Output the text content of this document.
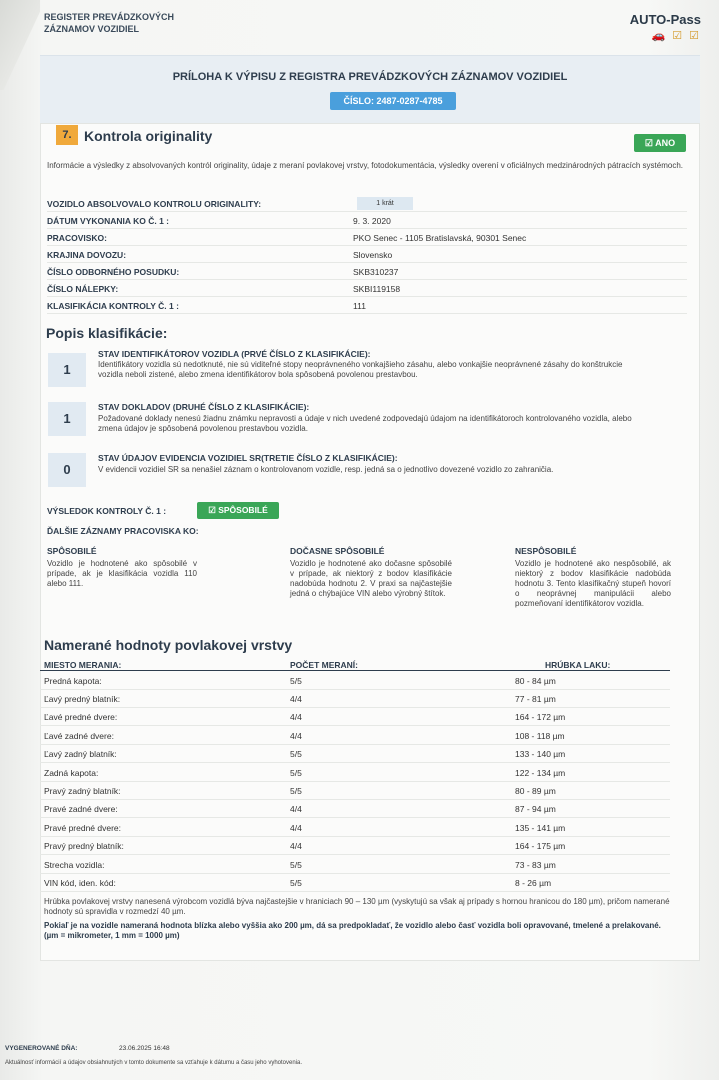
REGISTER PREVÁDZKOVÝCH
ZÁZNAMOV VOZIDIEL
AUTO-Pass
🚗 ☑ ☑
PRÍLOHA K VÝPISU Z REGISTRA PREVÁDZKOVÝCH ZÁZNAMOV VOZIDIEL
ČÍSLO: 2487-0287-4785
7. Kontrola originality	☑ ANO
Informácie a výsledky z absolvovaných kontról originality, údaje z meraní povlakovej vrstvy, fotodokumentácia, výsledky overení v oficiálnych medzinárodných pátracích systémoch.
VOZIDLO ABSOLVOVALO KONTROLU ORIGINALITY:	1 krát
DÁTUM VYKONANIA KO Č. 1 :	9. 3. 2020
PRACOVISKO:	PKO Senec - 1105 Bratislavská, 90301 Senec
KRAJINA DOVOZU:	Slovensko
ČÍSLO ODBORNÉHO POSUDKU:	SKB310237
ČÍSLO NÁLEPKY:	SKBI119158
KLASIFIKÁCIA KONTROLY Č. 1 :	111
Popis klasifikácie:
1
STAV IDENTIFIKÁTOROV VOZIDLA (PRVÉ ČÍSLO Z KLASIFIKÁCIE):
Identifikátory vozidla sú nedotknuté, nie sú viditeľné stopy neoprávneného vonkajšieho zásahu, alebo vonkajšie neoprávnené zásahy do konštrukcie vozidla neboli zistené, alebo zmena identifikátorov bola spôsobená povolenou prestavbou.
1
STAV DOKLADOV (DRUHÉ ČÍSLO Z KLASIFIKÁCIE):
Požadované doklady nenesú žiadnu známku nepravosti a údaje v nich uvedené zodpovedajú údajom na identifikátoroch kontrolovaného vozidla, alebo zmena údajov je spôsobená povolenou prestavbou vozidla.
0
STAV ÚDAJOV EVIDENCIA VOZIDIEL SR(TRETIE ČÍSLO Z KLASIFIKÁCIE):
V evidencii vozidiel SR sa nenašiel záznam o kontrolovanom vozidle, resp. jedná sa o jednotlivo dovezené vozidlo zo zahraničia.
VÝSLEDOK KONTROLY Č. 1 :	☑ SPÔSOBILÉ
ĎALŠIE ZÁZNAMY PRACOVISKA KO:
SPÔSOBILÉ
Vozidlo je hodnotené ako spôsobilé v prípade, ak je klasifikácia vozidla 110 alebo 111.
DOČASNE SPÔSOBILÉ
Vozidlo je hodnotené ako dočasne spôsobilé v prípade, ak niektorý z bodov klasifikácie nadobúda hodnotu 2. V praxi sa najčastejšie jedná o chýbajúce VIN alebo výrobný štítok.
NESPÔSOBILÉ
Vozidlo je hodnotené ako nespôsobilé, ak niektorý z bodov klasifikácie nadobúda hodnotu 3. Tento klasifikačný stupeň hovorí o neoprávnej manipulácii alebo pozmeňovaní identifikátorov vozidla.
Namerané hodnoty povlakovej vrstvy
MIESTO MERANIA:	POČET MERANÍ:	HRÚBKA LAKU:
Predná kapota:	5/5	80 - 84 µm
Ľavý predný blatník:	4/4	77 - 81 µm
Ľavé predné dvere:	4/4	164 - 172 µm
Ľavé zadné dvere:	4/4	108 - 118 µm
Ľavý zadný blatník:	5/5	133 - 140 µm
Zadná kapota:	5/5	122 - 134 µm
Pravý zadný blatník:	5/5	80 - 89 µm
Pravé zadné dvere:	4/4	87 - 94 µm
Pravé predné dvere:	4/4	135 - 141 µm
Pravý predný blatník:	4/4	164 - 175 µm
Strecha vozidla:	5/5	73 - 83 µm
VIN kód, iden. kód:	5/5	8 - 26 µm
Hrúbka povlakovej vrstvy nanesená výrobcom vozidlá býva najčastejšie v hraniciach 90 – 130 µm (vyskytujú sa však aj prípady s hornou hranicou do 180 µm), pričom namerané hodnoty sú spravidla v rozmedzí 40 µm.
Pokiaľ je na vozidle nameraná hodnota blízka alebo vyššia ako 200 µm, dá sa predpokladať, že vozidlo alebo časť vozidla boli opravované, tmelené a prelakované. (µm = mikrometer, 1 mm = 1000 µm)
VYGENEROVANÉ DŇA:	23.06.2025 16:48
Aktuálnosť informácií a údajov obsiahnutých v tomto dokumente sa vzťahuje k dátumu a času jeho vyhotovenia.
